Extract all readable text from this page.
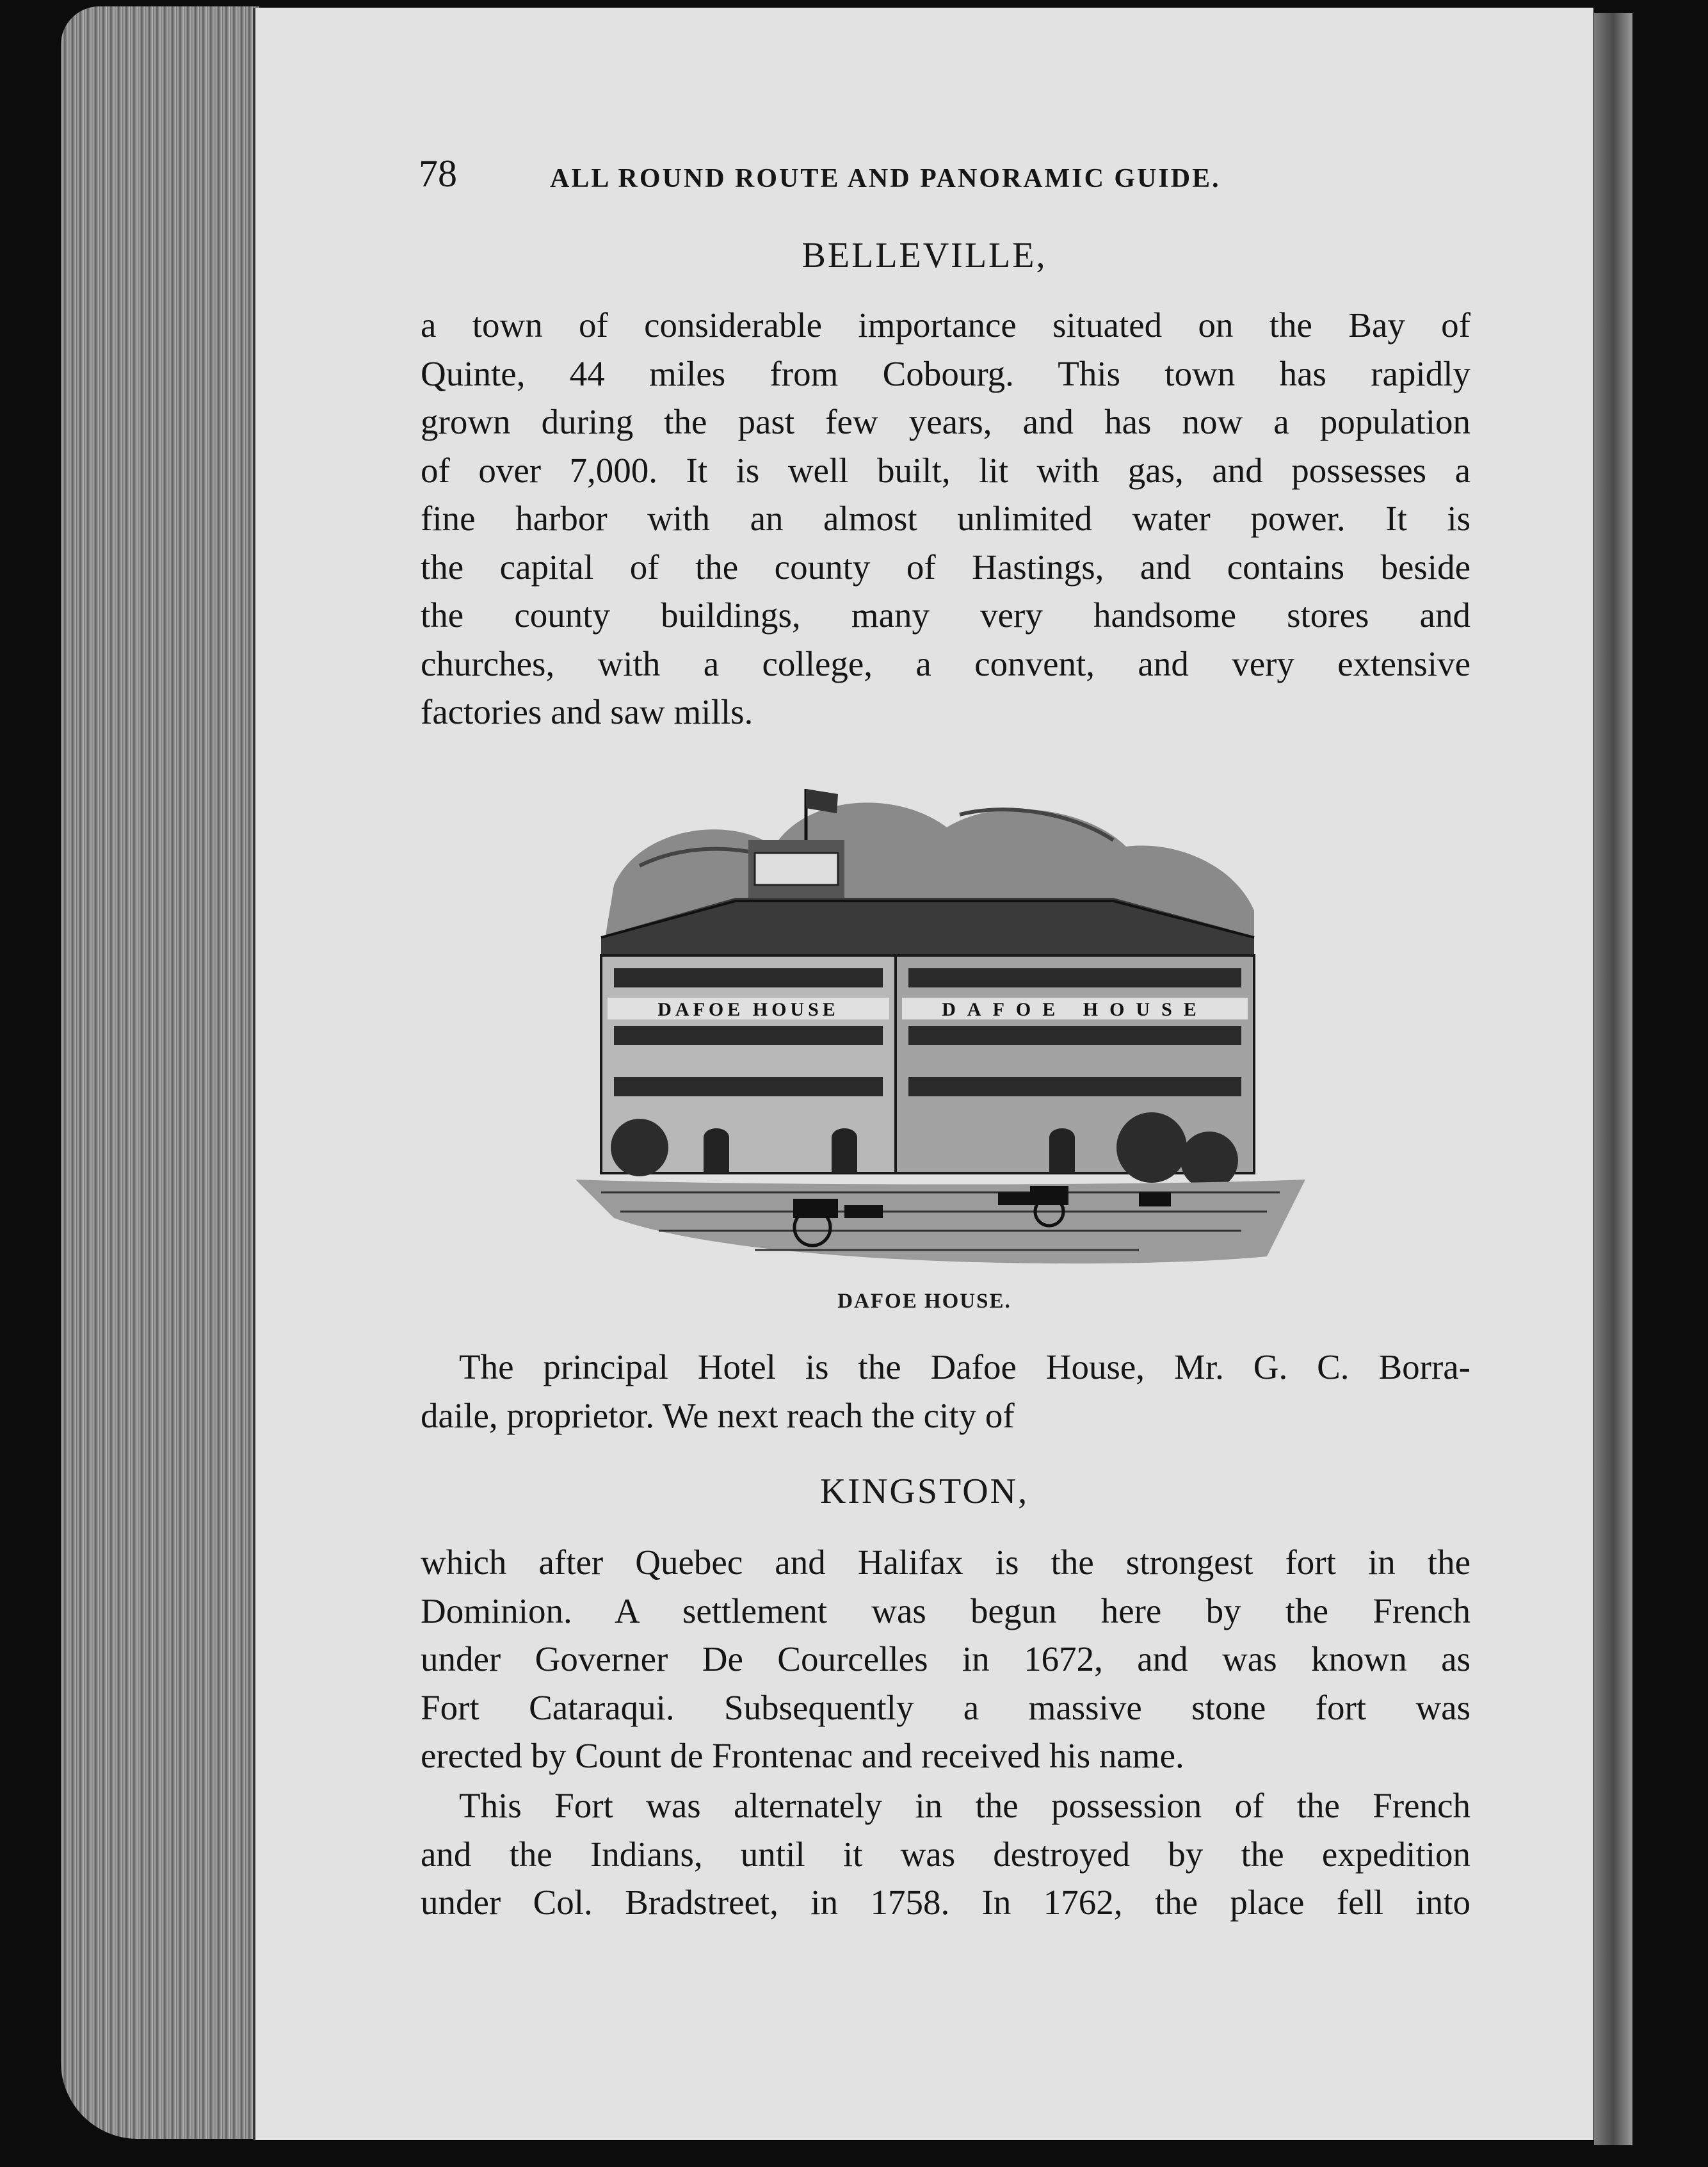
78	ALL ROUND ROUTE AND PANORAMIC GUIDE.
BELLEVILLE,

a town of considerable importance situated on the Bay of
Quinte, 44 miles from Cobourg. This town has rapidly
grown during the past few years, and has now a population
of over 7,000. It is well built, lit with gas, and possesses a
fine harbor with an almost unlimited water power. It is
the capital of the county of Hastings, and contains beside
the county buildings, many very handsome stores and
churches, with a college, a convent, and very extensive
factories and saw mills.

DAFOE HOUSE	DAFOE HOUSE
DAFOE HOUSE.

The principal Hotel is the Dafoe House, Mr. G. C. Borra-
daile, proprietor. We next reach the city of

KINGSTON,

which after Quebec and Halifax is the strongest fort in the
Dominion. A settlement was begun here by the French
under Governer De Courcelles in 1672, and was known as
Fort Cataraqui. Subsequently a massive stone fort was
erected by Count de Frontenac and received his name.

This Fort was alternately in the possession of the French
and the Indians, until it was destroyed by the expedition
under Col. Bradstreet, in 1758. In 1762, the place fell into
